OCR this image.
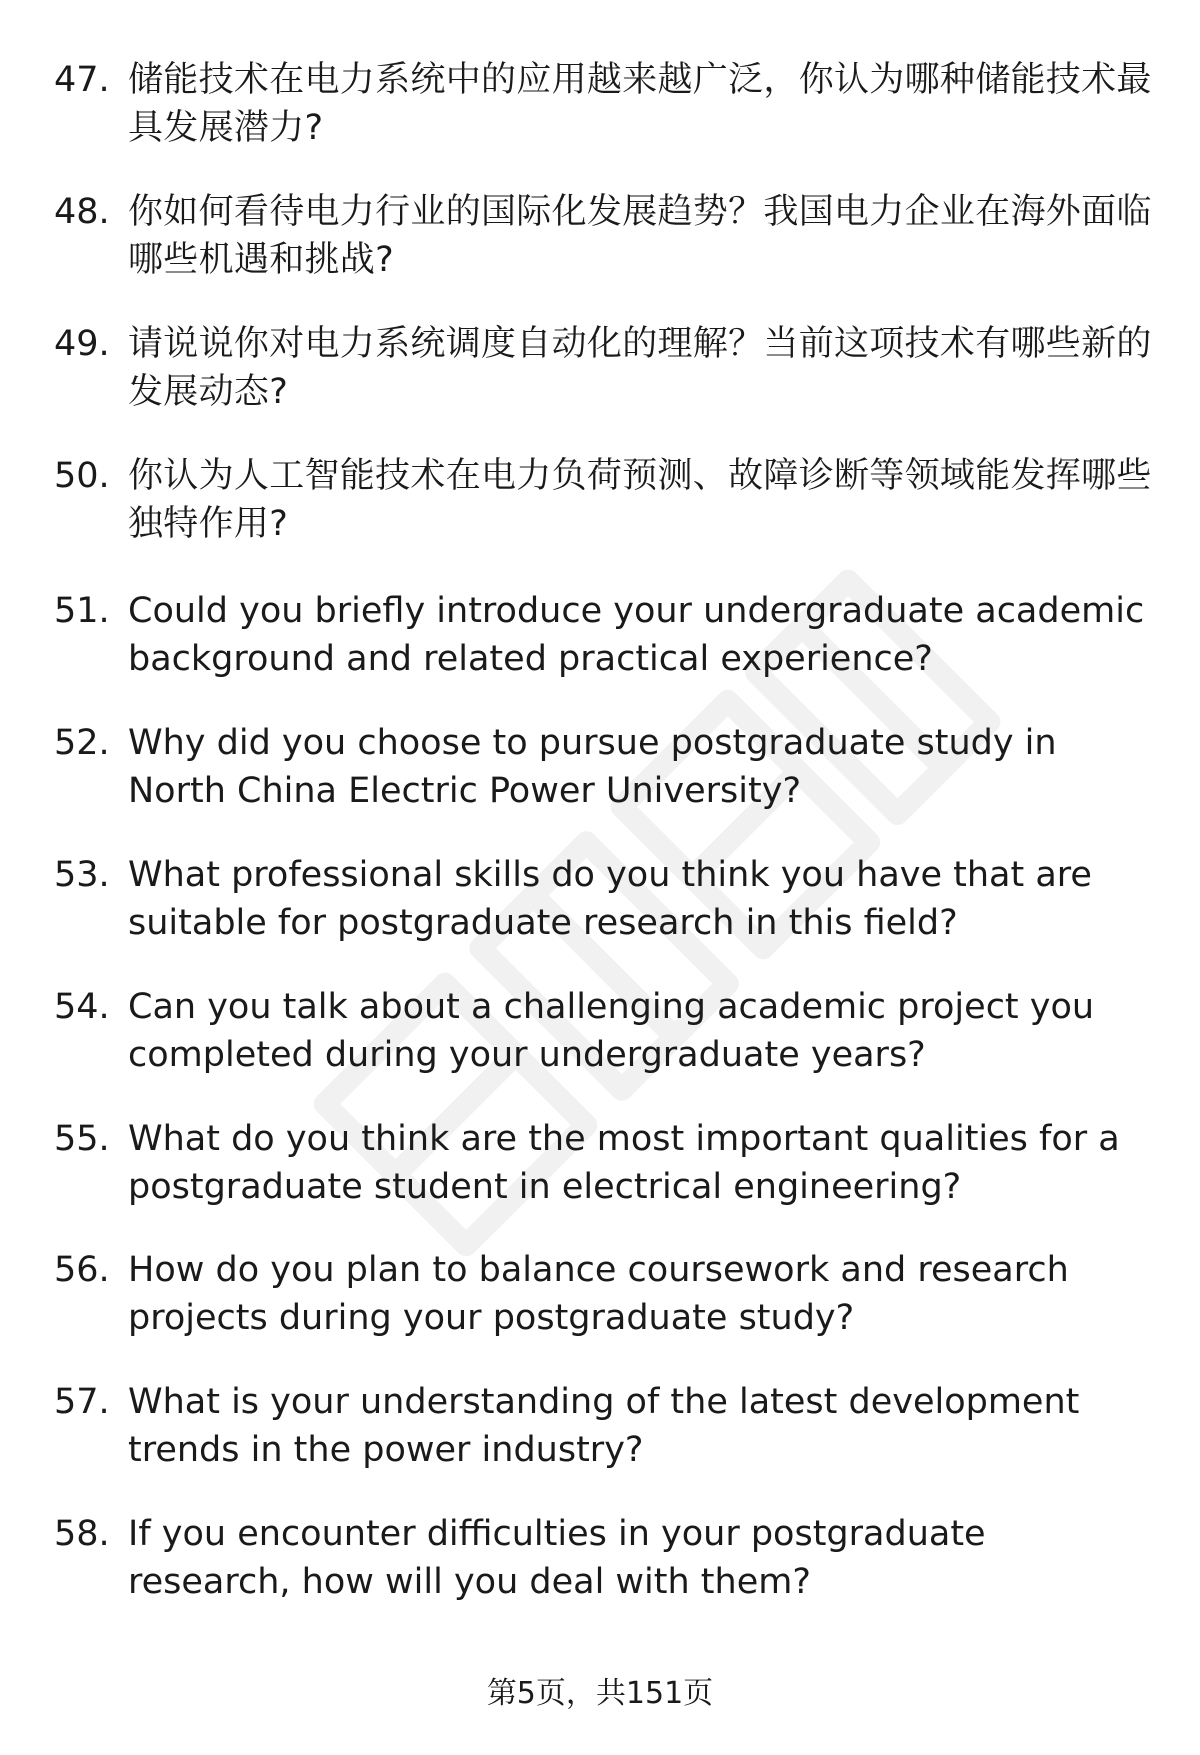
47. 储能技术在电力系统中的应用越来越广泛，你认为哪种储能技术最具发展潜力?
48. 你如何看待电力行业的国际化发展趋势？我国电力企业在海外面临哪些机遇和挑战?
49. 请说说你对电力系统调度自动化的理解？当前这项技术有哪些新的发展动态?
50. 你认为人工智能技术在电力负荷预测、故障诊断等领域能发挥哪些独特作用?
51. Could you briefly introduce your undergraduate academic background and related practical experience?
52. Why did you choose to pursue postgraduate study in North China Electric Power University?
53. What professional skills do you think you have that are suitable for postgraduate research in this field?
54. Can you talk about a challenging academic project you completed during your undergraduate years?
55. What do you think are the most important qualities for a postgraduate student in electrical engineering?
56. How do you plan to balance coursework and research projects during your postgraduate study?
57. What is your understanding of the latest development trends in the power industry?
58. If you encounter difficulties in your postgraduate research, how will you deal with them?
第5页，共151页
